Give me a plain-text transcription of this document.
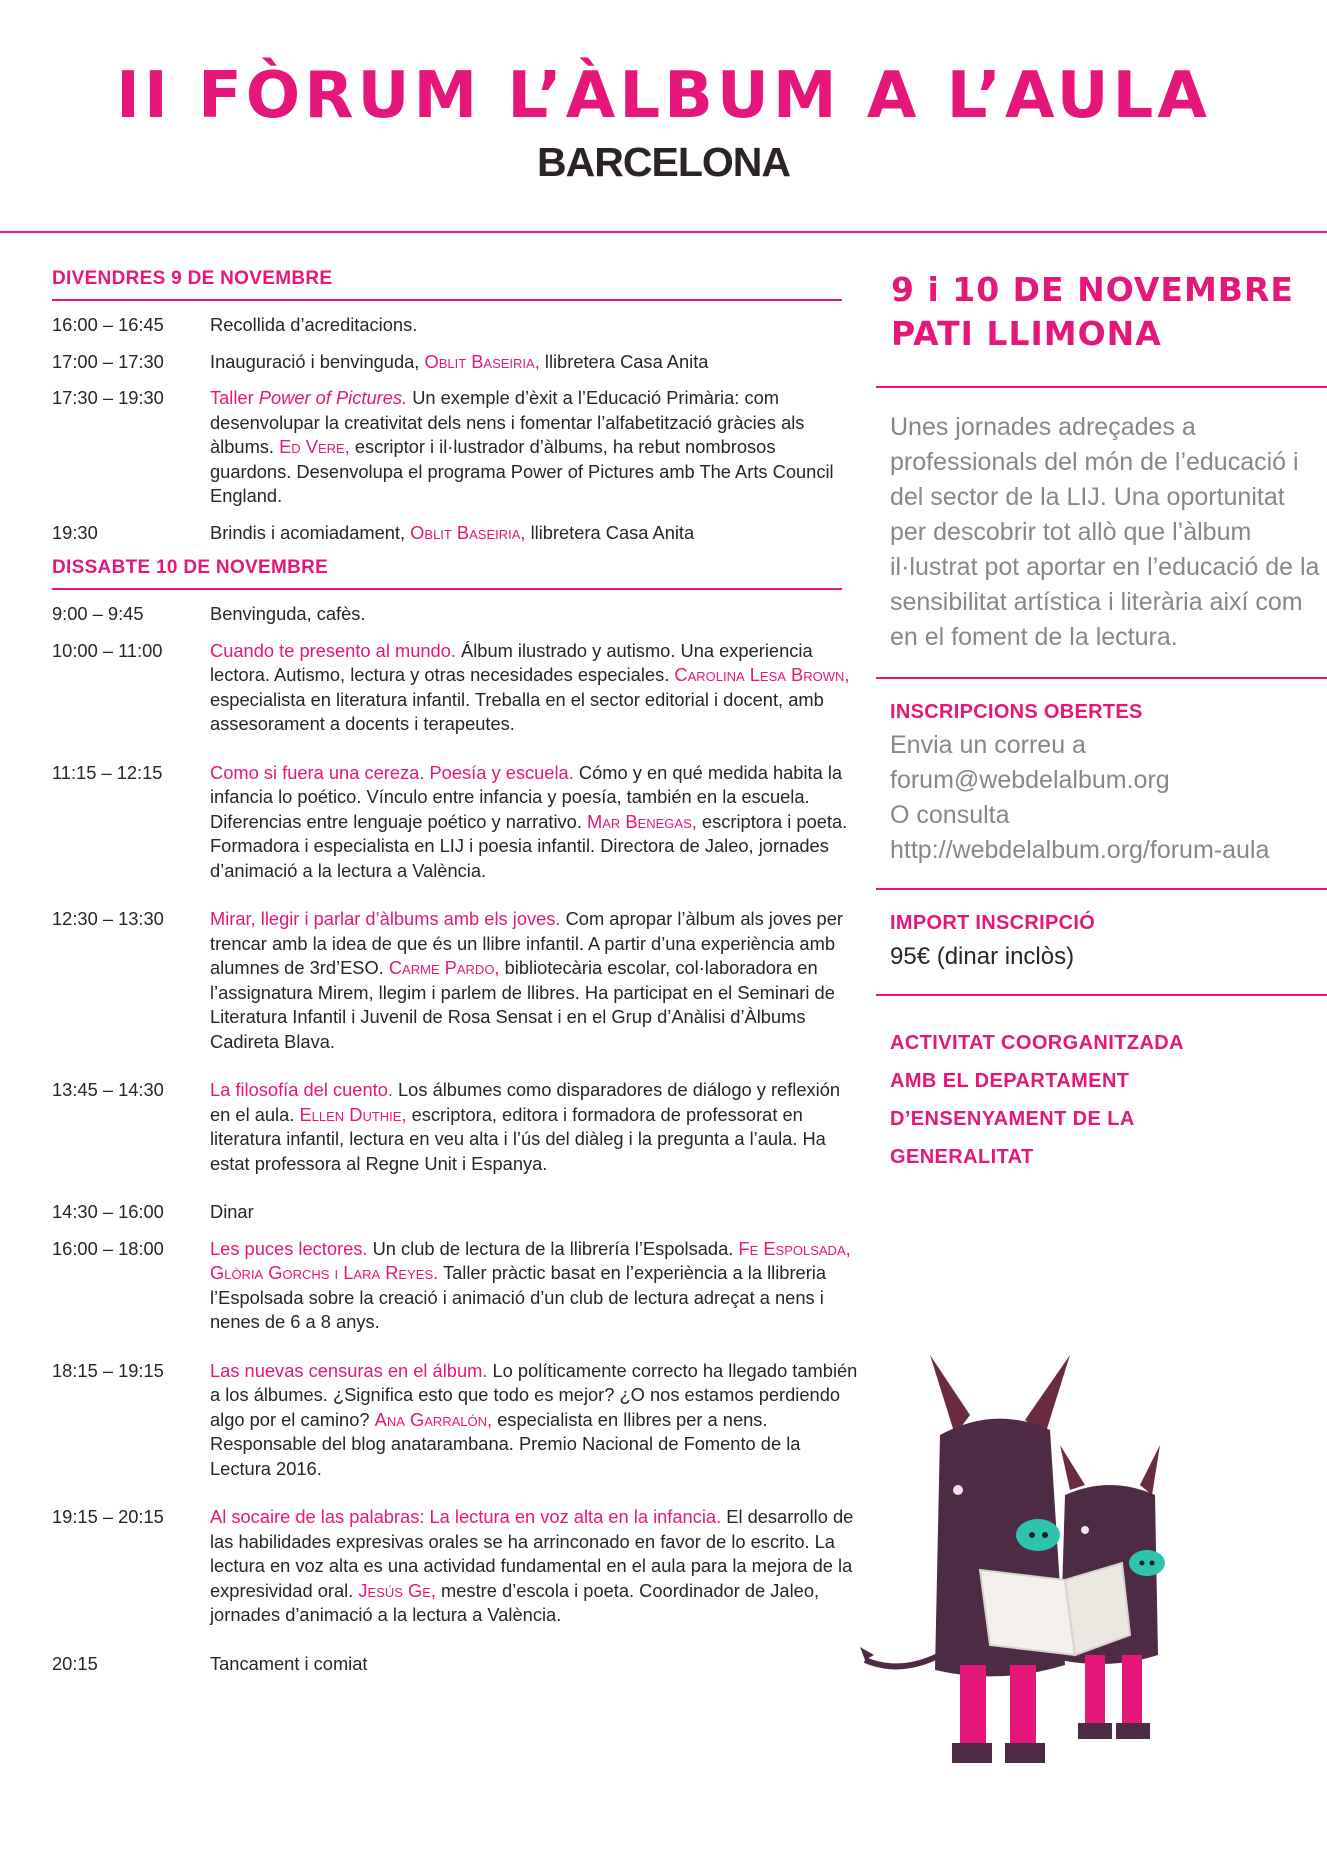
II FÒRUM L’ÀLBUM A L’AULA
BARCELONA
DIVENDRES 9 DE NOVEMBRE
16:00 – 16:45	Recollida d’acreditacions.
17:00 – 17:30	Inauguració i benvinguda, Oblit Baseiria, llibretera Casa Anita
17:30 – 19:30	Taller Power of Pictures. Un exemple d’èxit a l’Educació Primària: com desenvolupar la creativitat dels nens i fomentar l’alfabetització gràcies als àlbums. Ed Vere, escriptor i il·lustrador d’àlbums, ha rebut nombrosos guardons. Desenvolupa el programa Power of Pictures amb The Arts Council England.
19:30	Brindis i acomiadament, Oblit Baseiria, llibretera Casa Anita
DISSABTE 10 DE NOVEMBRE
9:00 – 9:45	Benvinguda, cafès.
10:00 – 11:00	Cuando te presento al mundo. Álbum ilustrado y autismo. Una experiencia lectora. Autismo, lectura y otras necesidades especiales. Carolina Lesa Brown, especialista en literatura infantil. Treballa en el sector editorial i docent, amb assesorament a docents i terapeutes.
11:15 – 12:15	Como si fuera una cereza. Poesía y escuela. Cómo y en qué medida habita la infancia lo poético. Vínculo entre infancia y poesía, también en la escuela. Diferencias entre lenguaje poético y narrativo. Mar Benegas, escriptora i poeta. Formadora i especialista en LIJ i poesia infantil. Directora de Jaleo, jornades d’animació a la lectura a València.
12:30 – 13:30	Mirar, llegir i parlar d’àlbums amb els joves. Com apropar l’àlbum als joves per trencar amb la idea de que és un llibre infantil. A partir d’una experiència amb alumnes de 3rd’ESO. Carme Pardo, bibliotecària escolar, col·laboradora en l’assignatura Mirem, llegim i parlem de llibres. Ha participat en el Seminari de Literatura Infantil i Juvenil de Rosa Sensat i en el Grup d’Anàlisi d’Àlbums Cadireta Blava.
13:45 – 14:30	La filosofía del cuento. Los álbumes como disparadores de diálogo y reflexión en el aula. Ellen Duthie, escriptora, editora i formadora de professorat en literatura infantil, lectura en veu alta i l’ús del diàleg i la pregunta a l’aula. Ha estat professora al Regne Unit i Espanya.
14:30 – 16:00	Dinar
16:00 – 18:00	Les puces lectores. Un club de lectura de la llibrería l’Espolsada. Fe Espolsada, Glòria Gorchs i Lara Reyes. Taller pràctic basat en l’experiència a la llibreria l’Espolsada sobre la creació i animació d’un club de lectura adreçat a nens i nenes de 6 a 8 anys.
18:15 – 19:15	Las nuevas censuras en el álbum. Lo políticamente correcto ha llegado también a los álbumes. ¿Significa esto que todo es mejor? ¿O nos estamos perdiendo algo por el camino? Ana Garralón, especialista en llibres per a nens. Responsable del blog anatarambana. Premio Nacional de Fomento de la Lectura 2016.
19:15 – 20:15	Al socaire de las palabras: La lectura en voz alta en la infancia. El desarrollo de las habilidades expresivas orales se ha arrinconado en favor de lo escrito. La lectura en voz alta es una actividad fundamental en el aula para la mejora de la expresividad oral. Jesús Ge, mestre d’escola i poeta. Coordinador de Jaleo, jornades d’animació a la lectura a València.
20:15	Tancament i comiat
9 i 10 DE NOVEMBRE
PATI LLIMONA

Unes jornades adreçades a professionals del món de l’educació i del sector de la LIJ. Una oportunitat per descobrir tot allò que l’àlbum il·lustrat pot aportar en l’educació de la sensibilitat artística i literària així com en el foment de la lectura.

INSCRIPCIONS OBERTES

Envia un correu a

forum@webdelalbum.org

O consulta

http://webdelalbum.org/forum-aula

IMPORT INSCRIPCIÓ

95€ (dinar inclòs)

ACTIVITAT COORGANITZADA
AMB EL DEPARTAMENT
D’ENSENYAMENT DE LA
GENERALITAT
